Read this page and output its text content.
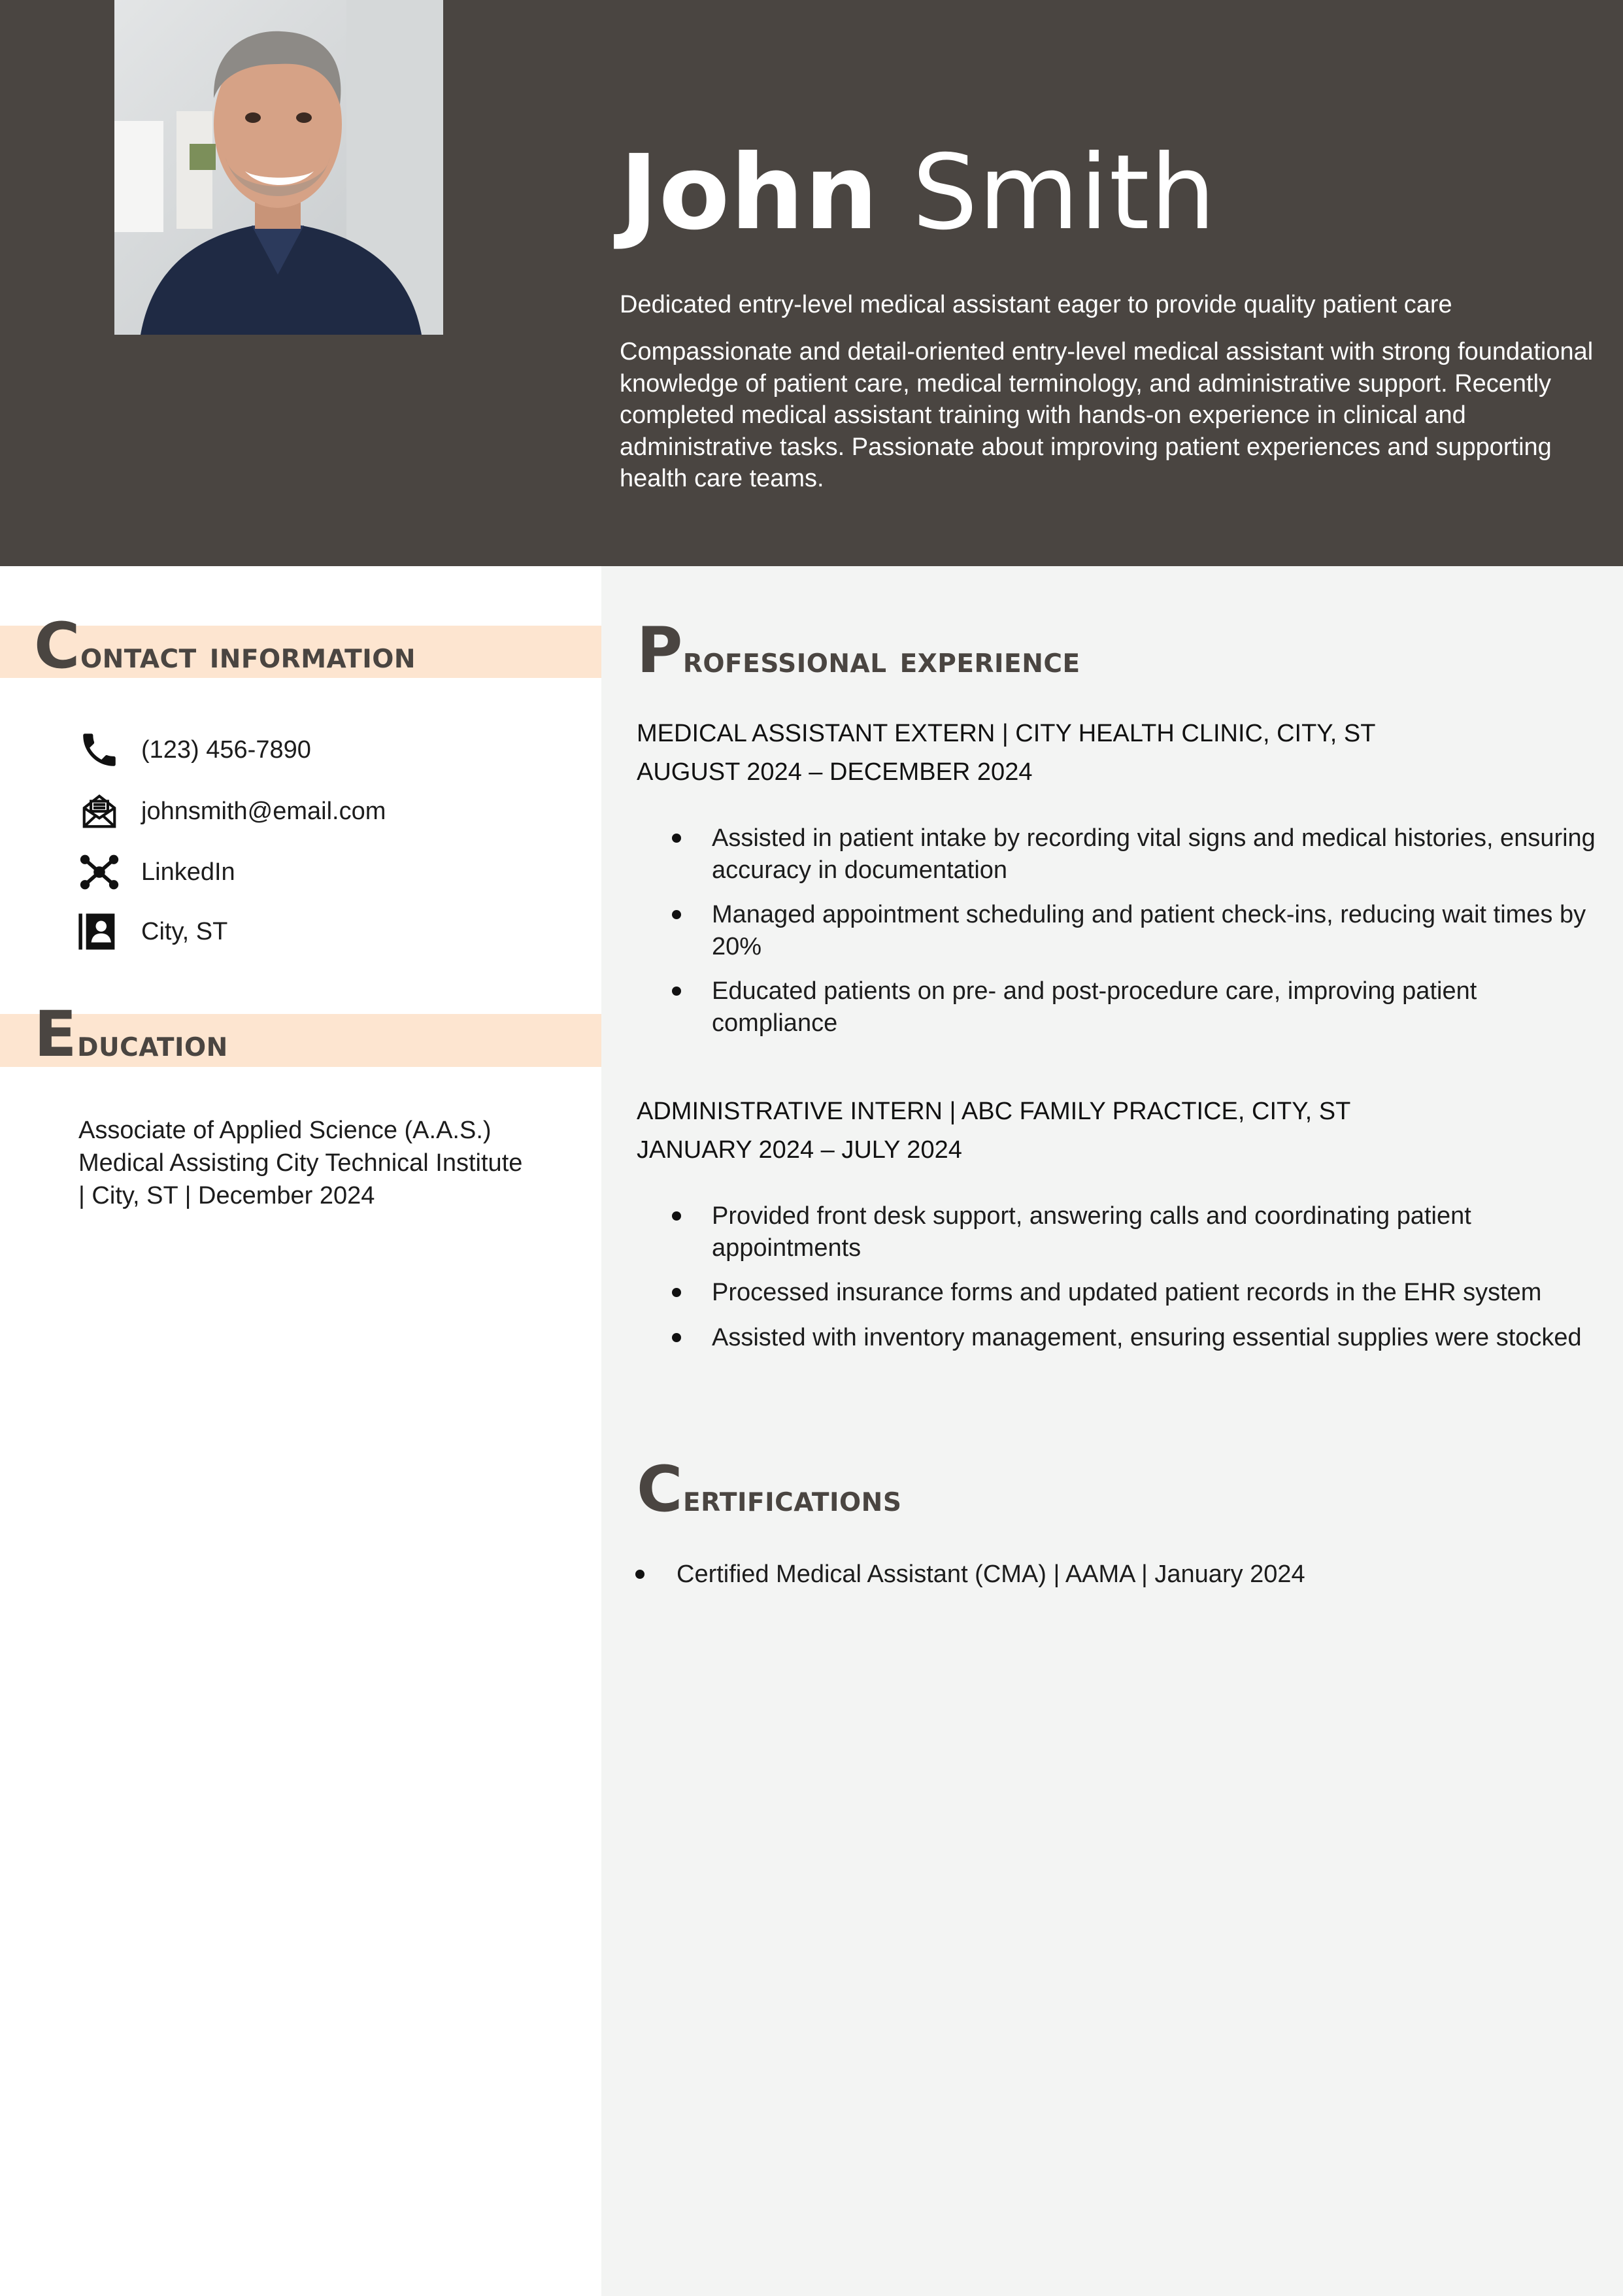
John Smith
Dedicated entry-level medical assistant eager to provide quality patient care
Compassionate and detail-oriented entry-level medical assistant with strong foundational knowledge of patient care, medical terminology, and administrative support. Recently completed medical assistant training with hands-on experience in clinical and administrative tasks. Passionate about improving patient experiences and supporting health care teams.
Contact information
(123) 456-7890
johnsmith@email.com
LinkedIn
City, ST
Education
Associate of Applied Science (A.A.S.)
Medical Assisting City Technical Institute
| City, ST | December 2024
Professional experience
MEDICAL ASSISTANT EXTERN | CITY HEALTH CLINIC, CITY, ST
AUGUST 2024 – DECEMBER 2024
Assisted in patient intake by recording vital signs and medical histories, ensuring accuracy in documentation
Managed appointment scheduling and patient check-ins, reducing wait times by 20%
Educated patients on pre- and post-procedure care, improving patient compliance
ADMINISTRATIVE INTERN | ABC FAMILY PRACTICE, CITY, ST
JANUARY 2024 – JULY 2024
Provided front desk support, answering calls and coordinating patient appointments
Processed insurance forms and updated patient records in the EHR system
Assisted with inventory management, ensuring essential supplies were stocked
Certifications
Certified Medical Assistant (CMA) | AAMA | January 2024
